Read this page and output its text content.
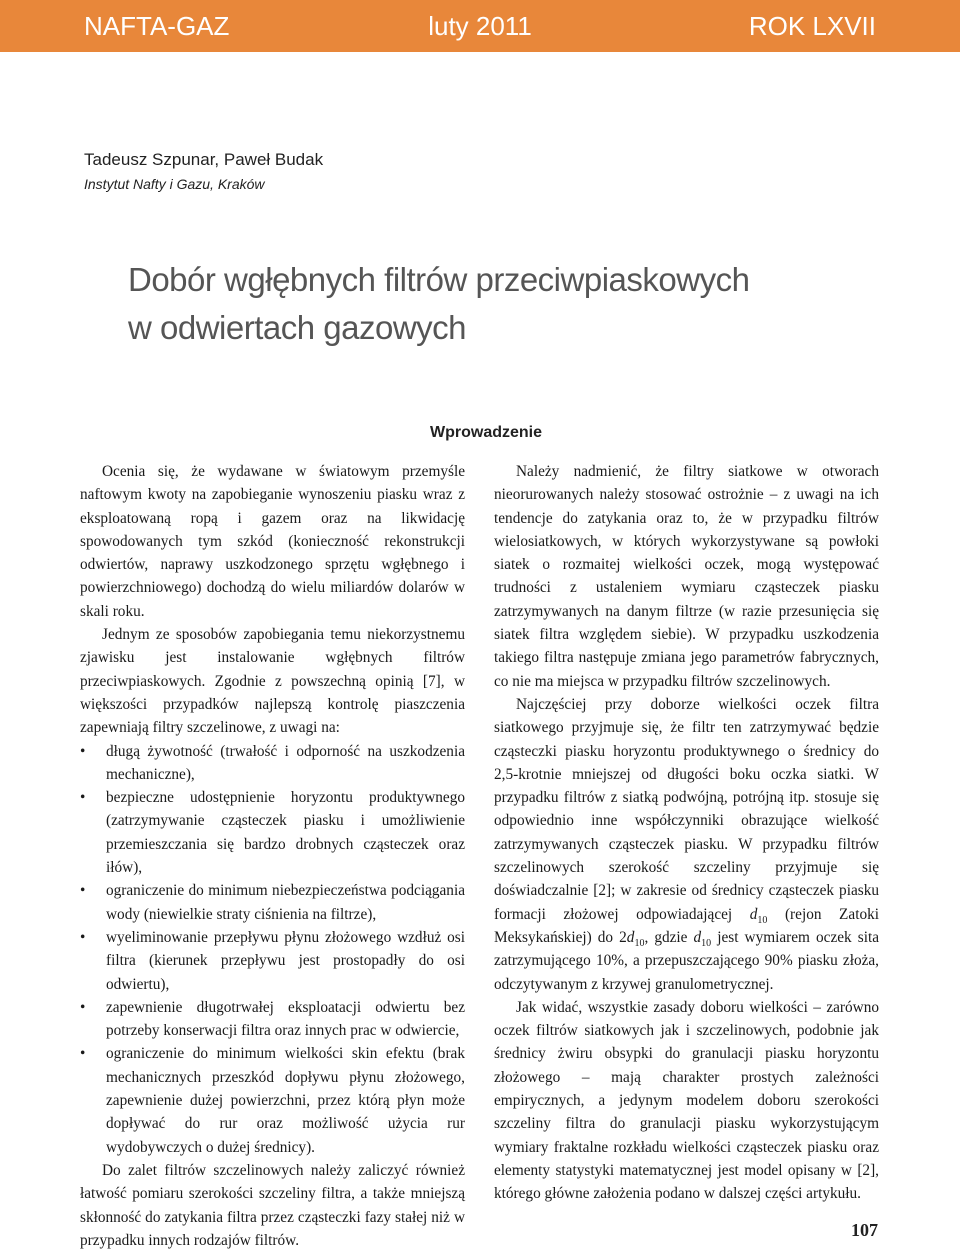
NAFTA-GAZ	luty 2011	ROK LXVII
Tadeusz Szpunar, Paweł Budak
Instytut Nafty i Gazu, Kraków
Dobór wgłębnych filtrów przeciwpiaskowych
w odwiertach gazowych
Wprowadzenie

Ocenia się, że wydawane w światowym przemyśle naftowym kwoty na zapobieganie wynoszeniu piasku wraz z eksploatowaną ropą i gazem oraz na likwidację spowodowanych tym szkód (konieczność rekonstrukcji odwiertów, naprawy uszkodzonego sprzętu wgłębnego i powierzchniowego) dochodzą do wielu miliardów dolarów w skali roku.

Jednym ze sposobów zapobiegania temu niekorzystnemu zjawisku jest instalowanie wgłębnych filtrów przeciwpiaskowych. Zgodnie z powszechną opinią [7], w większości przypadków najlepszą kontrolę piaszczenia zapewniają filtry szczelinowe, z uwagi na:

• długą żywotność (trwałość i odporność na uszkodzenia mechaniczne),
• bezpieczne udostępnienie horyzontu produktywnego (zatrzymywanie cząsteczek piasku i umożliwienie przemieszczania się bardzo drobnych cząsteczek oraz iłów),
• ograniczenie do minimum niebezpieczeństwa podciągania wody (niewielkie straty ciśnienia na filtrze),
• wyeliminowanie przepływu płynu złożowego wzdłuż osi filtra (kierunek przepływu jest prostopadły do osi odwiertu),
• zapewnienie długotrwałej eksploatacji odwiertu bez potrzeby konserwacji filtra oraz innych prac w odwiercie,
• ograniczenie do minimum wielkości skin efektu (brak mechanicznych przeszkód dopływu płynu złożowego, zapewnienie dużej powierzchni, przez którą płyn może dopływać do rur oraz możliwość użycia rur wydobywczych o dużej średnicy).

Do zalet filtrów szczelinowych należy zaliczyć również łatwość pomiaru szerokości szczeliny filtra, a także mniejszą skłonność do zatykania filtra przez cząsteczki fazy stałej niż w przypadku innych rodzajów filtrów.

Należy nadmienić, że filtry siatkowe w otworach nieorurowanych należy stosować ostrożnie – z uwagi na ich tendencje do zatykania oraz to, że w przypadku filtrów wielosiatkowych, w których wykorzystywane są powłoki siatek o rozmaitej wielkości oczek, mogą występować trudności z ustaleniem wymiaru cząsteczek piasku zatrzymywanych na danym filtrze (w razie przesunięcia się siatek filtra względem siebie). W przypadku uszkodzenia takiego filtra następuje zmiana jego parametrów fabrycznych, co nie ma miejsca w przypadku filtrów szczelinowych.

Najczęściej przy doborze wielkości oczek filtra siatkowego przyjmuje się, że filtr ten zatrzymywać będzie cząsteczki piasku horyzontu produktywnego o średnicy do 2,5-krotnie mniejszej od długości boku oczka siatki. W przypadku filtrów z siatką podwójną, potrójną itp. stosuje się odpowiednio inne współczynniki obrazujące wielkość zatrzymywanych cząsteczek piasku. W przypadku filtrów szczelinowych szerokość szczeliny przyjmuje się doświadczalnie [2]; w zakresie od średnicy cząsteczek piasku formacji złożowej odpowiadającej $d_{10}$ (rejon Zatoki Meksykańskiej) do $2d_{10}$, gdzie $d_{10}$ jest wymiarem oczek sita zatrzymującego 10%, a przepuszczającego 90% piasku złoża, odczytywanym z krzywej granulometrycznej.

Jak widać, wszystkie zasady doboru wielkości – zarówno oczek filtrów siatkowych jak i szczelinowych, podobnie jak średnicy żwiru obsypki do granulacji piasku horyzontu złożowego – mają charakter prostych zależności empirycznych, a jedynym modelem doboru szerokości szczeliny filtra do granulacji piasku wykorzystującym wymiary fraktalne rozkładu wielkości cząsteczek piasku oraz elementy statystyki matematycznej jest model opisany w [2], którego główne założenia podano w dalszej części artykułu.

107
